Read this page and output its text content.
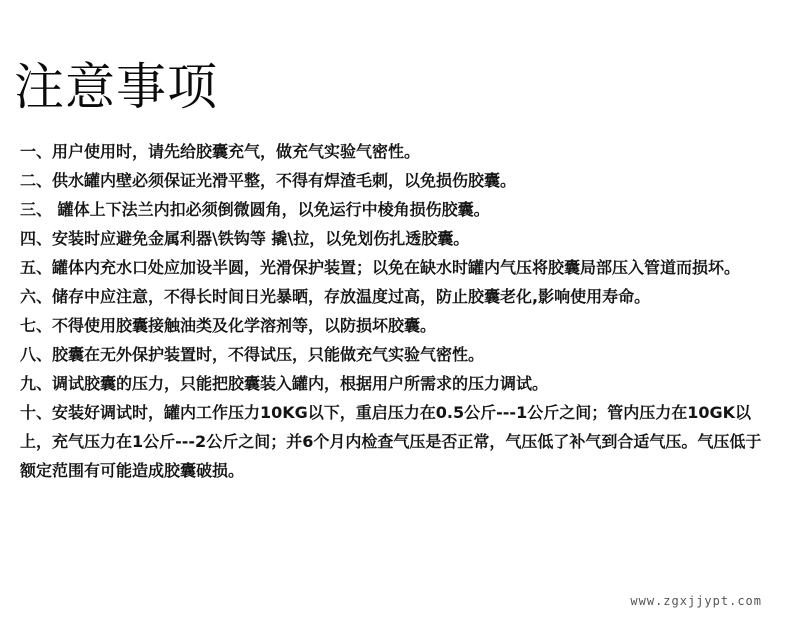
注意事项
一、用户使用时，请先给胶囊充气，做充气实验气密性。
二、供水罐内壁必须保证光滑平整，不得有焊渣毛刺，以免损伤胶囊。
三、 罐体上下法兰内扣必须倒微圆角，以免运行中棱角损伤胶囊。
四、安装时应避免金属利器\铁钩等 撬\拉，以免划伤扎透胶囊。
五、罐体内充水口处应加设半圆，光滑保护装置；以免在缺水时罐内气压将胶囊局部压入管道而损坏。
六、储存中应注意，不得长时间日光暴晒，存放温度过高，防止胶囊老化,影响使用寿命。
七、不得使用胶囊接触油类及化学溶剂等，以防损坏胶囊。
八、胶囊在无外保护装置时，不得试压，只能做充气实验气密性。
九、调试胶囊的压力，只能把胶囊装入罐内，根据用户所需求的压力调试。
十、安装好调试时，罐内工作压力10KG以下，重启压力在0.5公斤---1公斤之间；管内压力在10GK以上，充气压力在1公斤---2公斤之间；并6个月内检查气压是否正常，气压低了补气到合适气压。气压低于额定范围有可能造成胶囊破损。
www.zgxjjypt.com
